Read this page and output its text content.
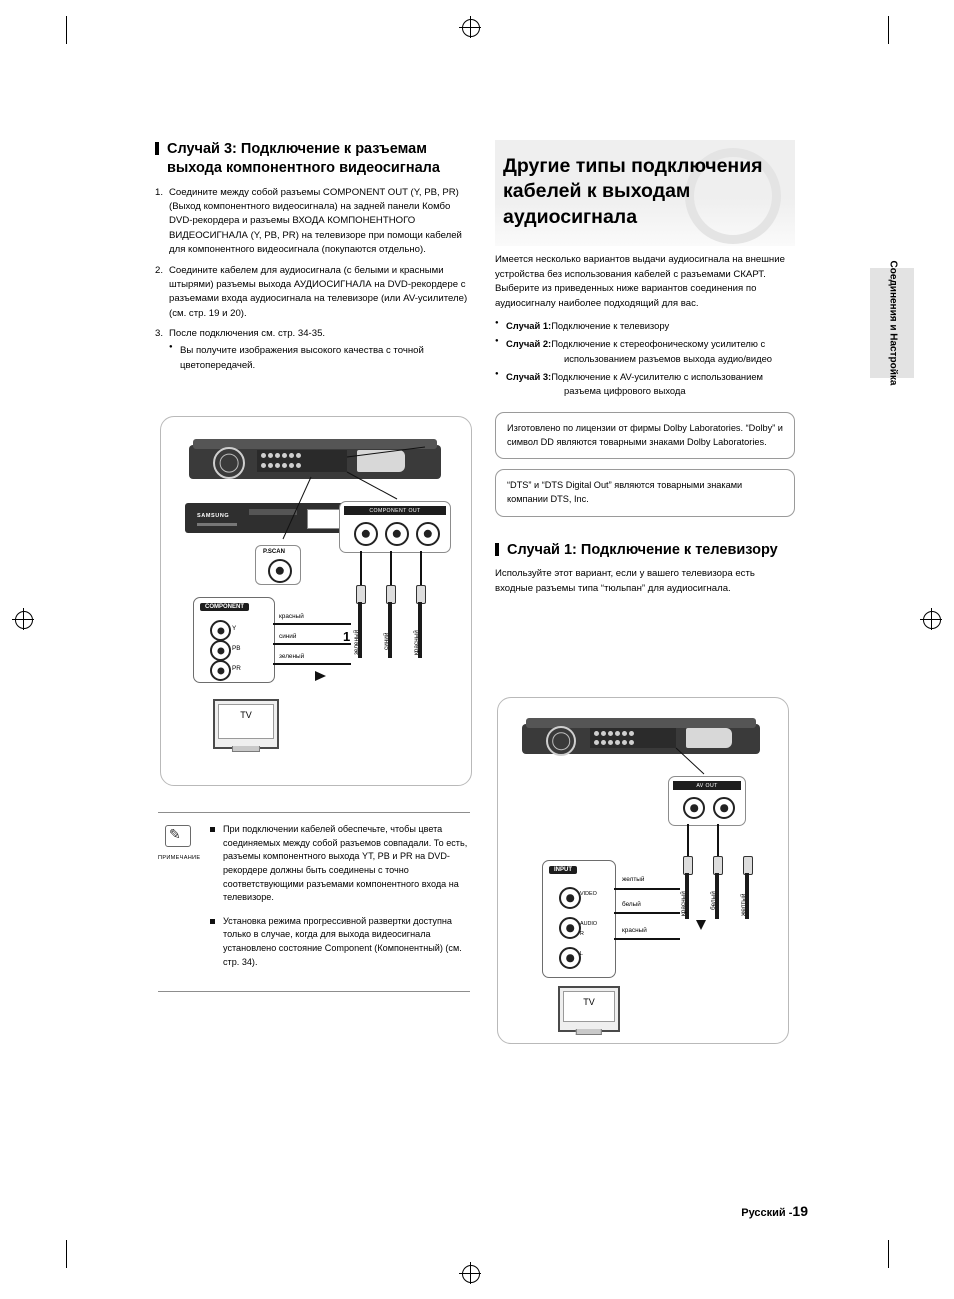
Соединения и Настройка
Случай 3: Подключение к разъемам выхода компонентного видеосигнала
1. Соедините между собой разъемы COMPONENT OUT (Y, PB, PR) (Выход компонентного видеосигнала) на задней панели Комбо DVD-рекордера и разъемы ВХОДА КОМПОНЕНТНОГО ВИДЕОСИГНАЛА (Y, PB, PR) на телевизоре при помощи кабелей для компонентного видеосигнала (покупаются отдельно).
2. Соедините кабелем для аудиосигнала (с белыми и красными штырями) разъемы выхода АУДИОСИГНАЛА на DVD-рекордере с разъемами входа аудиосигнала на телевизоре (или AV-усилителе) (см. стр. 19 и 20).
3. После подключения см. стр. 34-35.
● Вы получите изображения высокого качества с точной цветопередачей.
SAMSUNG
COMPONENT OUT
P.SCAN
COMPONENT
Y
PB
PR
зеленый	синий	красный
красный
синий
зеленый
1
TV
✎
ПРИМЕЧАНИЕ
При подключении кабелей обеспечьте, чтобы цвета соединяемых между собой разъемов совпадали. То есть, разъемы компонентного выхода YT, PB и PR на DVD-рекордере должны быть соединены с точно соответствующими разъемами компонентного входа на телевизоре.
Установка режима прогрессивной развертки доступна только в случае, когда для выхода видеосигнала установлено состояние Component (Компонентный) (см. стр. 34).
Другие типы подключения кабелей к выходам аудиосигнала

Имеется несколько вариантов выдачи аудиосигнала на внешние устройства без использования кабелей с разъемами СКАРТ. Выберите из приведенных ниже вариантов соединения по аудиосигналу наиболее подходящий для вас.

● Случай 1:Подключение к телевизору
● Случай 2:Подключение к стереофоническому усилителю с
использованием разъемов выхода аудио/видео
● Случай 3:Подключение к AV-усилителю с использованием
разъема цифрового выхода
Изготовлено по лицензии от фирмы Dolby Laboratories. “Dolby” и символ DD являются товарными знаками Dolby Laboratories.
“DTS” и “DTS Digital Out” являются товарными знаками компании DTS, Inc.
Случай 1: Подключение к телевизору

Используйте этот вариант, если у вашего телевизора есть входные разъемы типа “тюльпан” для аудиосигнала.

AV OUT
INPUT
VIDEO
AUDIO
R
L
красный	белый	желтый
желтый
белый
красный
TV
Русский -19
